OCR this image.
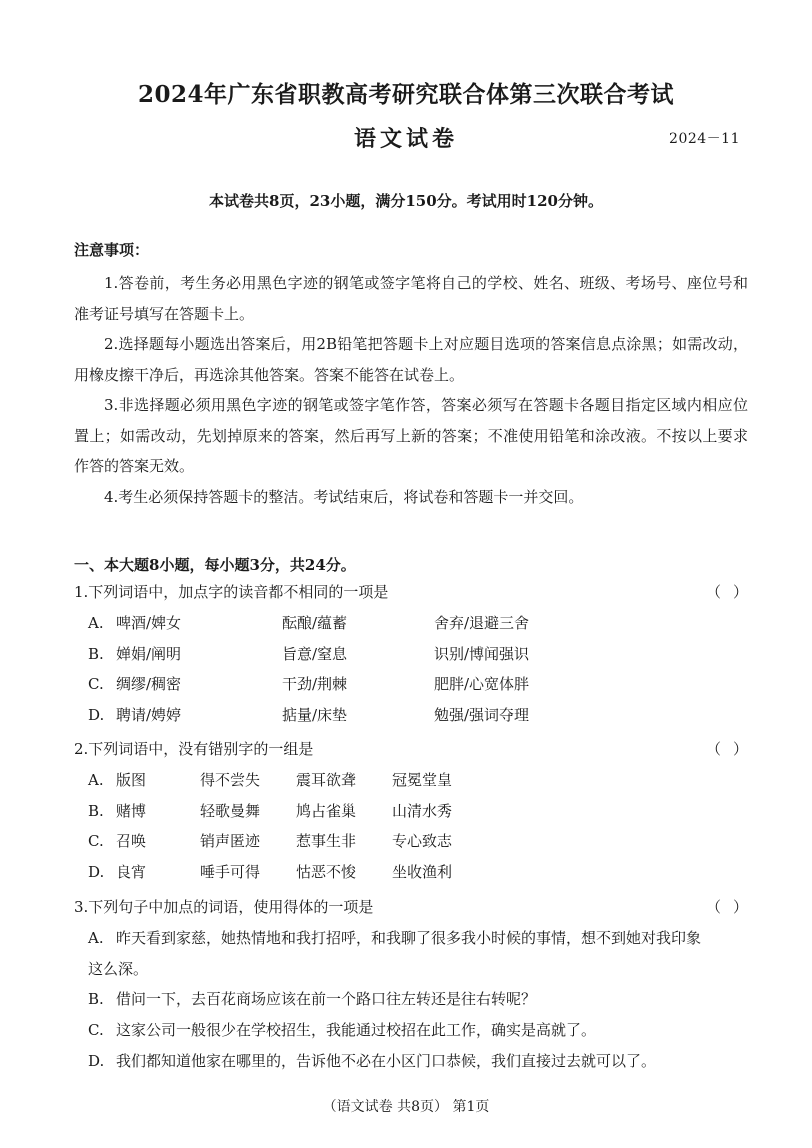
2024年广东省职教高考研究联合体第三次联合考试
语文试卷	2024－11
本试卷共8页，23小题，满分150分。考试用时120分钟。
注意事项：

1.答卷前，考生务必用黑色字迹的钢笔或签字笔将自己的学校、姓名、班级、考场号、座位号和准考证号填写在答题卡上。

2.选择题每小题选出答案后，用2B铅笔把答题卡上对应题目选项的答案信息点涂黑；如需改动，用橡皮擦干净后，再选涂其他答案。答案不能答在试卷上。

3.非选择题必须用黑色字迹的钢笔或签字笔作答，答案必须写在答题卡各题目指定区域内相应位置上；如需改动，先划掉原来的答案，然后再写上新的答案；不准使用铅笔和涂改液。不按以上要求作答的答案无效。

4.考生必须保持答题卡的整洁。考试结束后，将试卷和答题卡一并交回。

一、本大题8小题，每小题3分，共24分。
1.下列词语中，加点字的读音都不相同的一项是	（ ）
A. 啤酒/婢女	酝酿/蕴蓄	舍弃/退避三舍
B. 婵娟/阐明	旨意/窒息	识别/博闻强识
C. 绸缪/稠密	干劲/荆棘	肥胖/心宽体胖
D. 聘请/娉婷	掂量/床垫	勉强/强词夺理
2.下列词语中，没有错别字的一组是	（ ）
A. 版图	得不尝失	震耳欲聋	冠冕堂皇
B. 赌博	轻歌曼舞	鸠占雀巢	山清水秀
C. 召唤	销声匿迹	惹事生非	专心致志
D. 良宵	唾手可得	怙恶不悛	坐收渔利
3.下列句子中加点的词语，使用得体的一项是	（ ）
A. 昨天看到家慈，她热情地和我打招呼，和我聊了很多我小时候的事情，想不到她对我印象
这么深。
B. 借问一下，去百花商场应该在前一个路口往左转还是往右转呢？
C. 这家公司一般很少在学校招生，我能通过校招在此工作，确实是高就了。
D. 我们都知道他家在哪里的，告诉他不必在小区门口恭候，我们直接过去就可以了。
（语文试卷 共8页） 第1页
